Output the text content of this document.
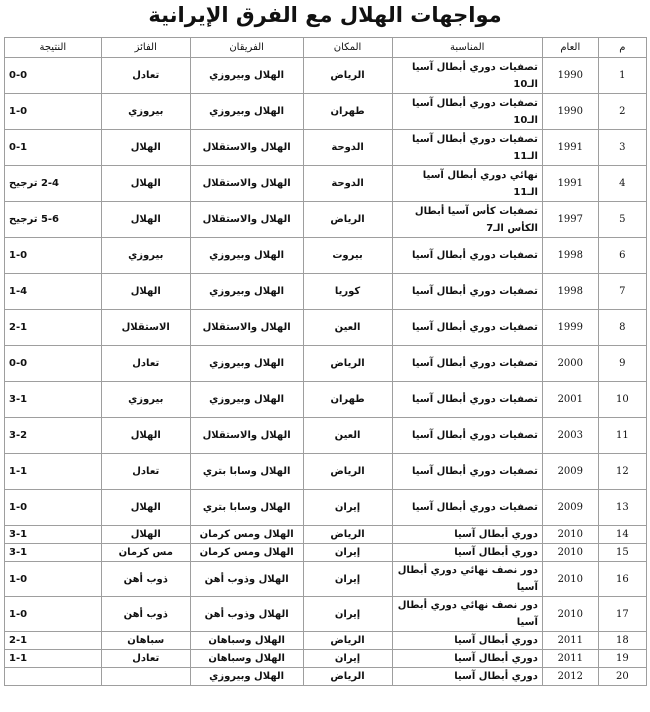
مواجهات الهلال مع الفرق الإيرانية
م	العام	المناسبة	المكان	الفريقان	الفائز	النتيجة
1	1990	تصفيات دوري أبطال آسيا الـ10	الرياض	الهلال وبيروزي	تعادل	0-0
2	1990	تصفيات دوري أبطال آسيا الـ10	طهران	الهلال وبيروزي	بيروزي	1-0
3	1991	تصفيات دوري أبطال آسيا الـ11	الدوحة	الهلال والاستقلال	الهلال	0-1
4	1991	نهائي دوري أبطال آسيا الـ11	الدوحة	الهلال والاستقلال	الهلال	2-4 ترجيح
5	1997	تصفيات كأس آسيا أبطال الكأس الـ7	الرياض	الهلال والاستقلال	الهلال	5-6 ترجيح
6	1998	تصفيات دوري أبطال آسيا	بيروت	الهلال وبيروزي	بيروزي	1-0
7	1998	تصفيات دوري أبطال آسيا	كوريا	الهلال وبيروزي	الهلال	1-4
8	1999	تصفيات دوري أبطال آسيا	العين	الهلال والاستقلال	الاستقلال	2-1
9	2000	تصفيات دوري أبطال آسيا	الرياض	الهلال وبيروزي	تعادل	0-0
10	2001	تصفيات دوري أبطال آسيا	طهران	الهلال وبيروزي	بيروزي	3-1
11	2003	تصفيات دوري أبطال آسيا	العين	الهلال والاستقلال	الهلال	3-2
12	2009	تصفيات دوري أبطال آسيا	الرياض	الهلال وسابا بتري	تعادل	1-1
13	2009	تصفيات دوري أبطال آسيا	إيران	الهلال وسابا بتري	الهلال	1-0
14	2010	دوري أبطال آسيا	الرياض	الهلال ومس كرمان	الهلال	3-1
15	2010	دوري أبطال آسيا	إيران	الهلال ومس كرمان	مس كرمان	3-1
16	2010	دور نصف نهائي دوري أبطال آسيا	إيران	الهلال وذوب أهن	ذوب أهن	1-0
17	2010	دور نصف نهائي دوري أبطال آسيا	إيران	الهلال وذوب أهن	ذوب أهن	1-0
18	2011	دوري أبطال آسيا	الرياض	الهلال وسباهان	سباهان	2-1
19	2011	دوري أبطال آسيا	إيران	الهلال وسباهان	تعادل	1-1
20	2012	دوري أبطال آسيا	الرياض	الهلال وبيروزي		
